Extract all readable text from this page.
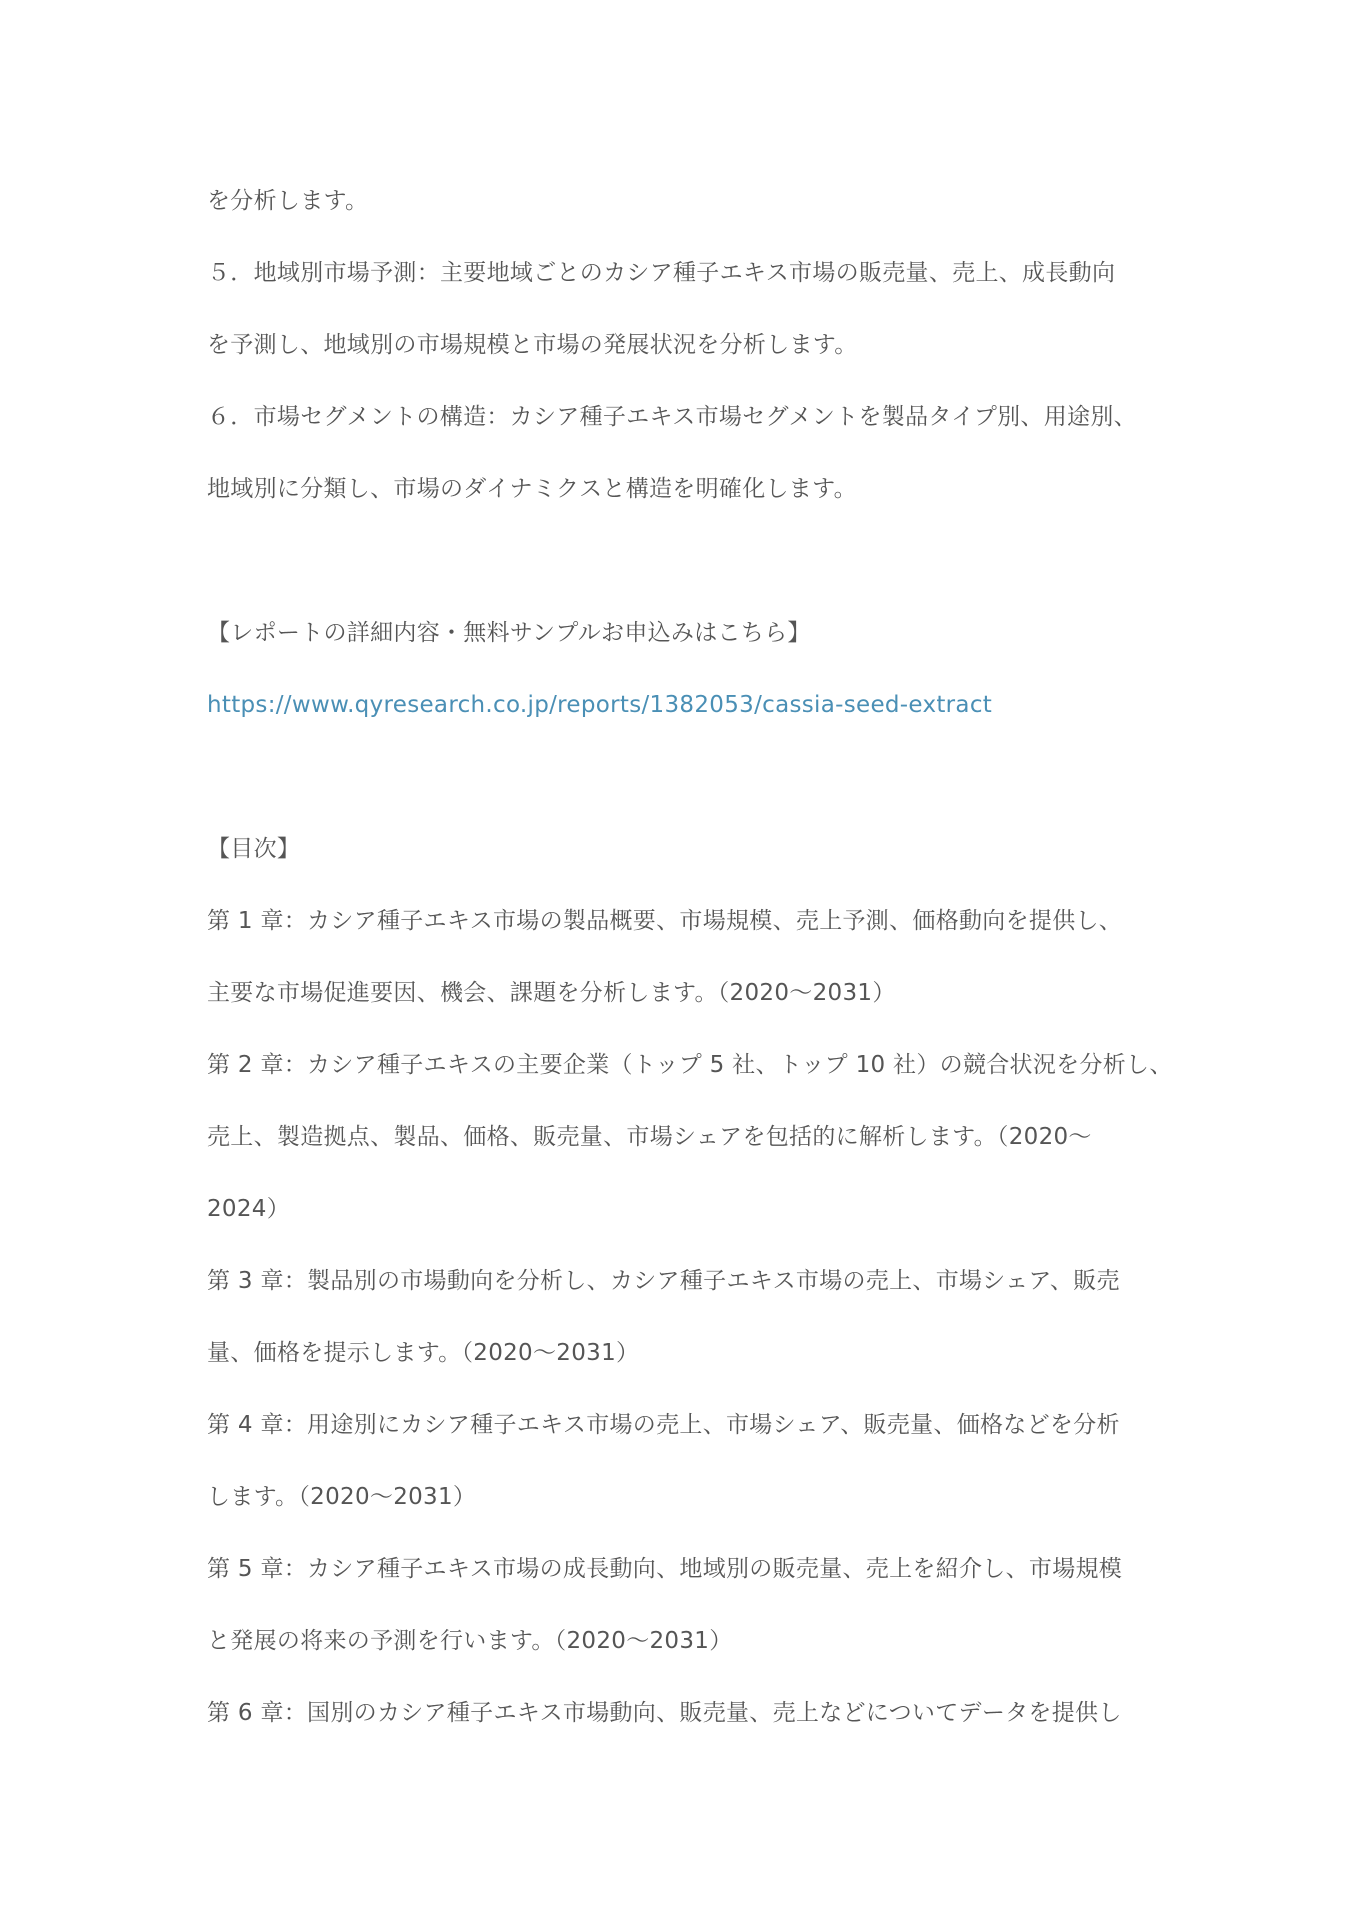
を分析します。
５．地域別市場予測：主要地域ごとのカシア種子エキス市場の販売量、売上、成長動向
を予測し、地域別の市場規模と市場の発展状況を分析します。
６．市場セグメントの構造：カシア種子エキス市場セグメントを製品タイプ別、用途別、
地域別に分類し、市場のダイナミクスと構造を明確化します。
【レポートの詳細内容・無料サンプルお申込みはこちら】
https://www.qyresearch.co.jp/reports/1382053/cassia-seed-extract
【目次】
第 1 章：カシア種子エキス市場の製品概要、市場規模、売上予測、価格動向を提供し、
主要な市場促進要因、機会、課題を分析します。（2020〜2031）
第 2 章：カシア種子エキスの主要企業（トップ 5 社、トップ 10 社）の競合状況を分析し、
売上、製造拠点、製品、価格、販売量、市場シェアを包括的に解析します。（2020〜
2024）
第 3 章：製品別の市場動向を分析し、カシア種子エキス市場の売上、市場シェア、販売
量、価格を提示します。（2020〜2031）
第 4 章：用途別にカシア種子エキス市場の売上、市場シェア、販売量、価格などを分析
します。（2020〜2031）
第 5 章：カシア種子エキス市場の成長動向、地域別の販売量、売上を紹介し、市場規模
と発展の将来の予測を行います。（2020〜2031）
第 6 章：国別のカシア種子エキス市場動向、販売量、売上などについてデータを提供し
